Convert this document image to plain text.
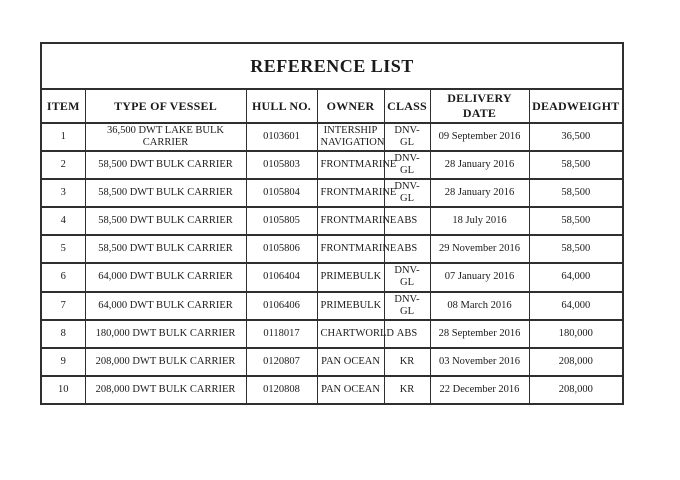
REFERENCE LIST						
ITEM	TYPE OF VESSEL	HULL NO.	OWNER	CLASS	DELIVERY DATE	DEADWEIGHT
1	36,500 DWT LAKE BULK CARRIER	0103601	INTERSHIP NAVIGATION	DNV-GL	09 September 2016	36,500
2	58,500 DWT BULK CARRIER	0105803	FRONTMARINE	DNV-GL	28 January 2016	58,500
3	58,500 DWT BULK CARRIER	0105804	FRONTMARINE	DNV-GL	28 January 2016	58,500
4	58,500 DWT BULK CARRIER	0105805	FRONTMARINE	ABS	18 July 2016	58,500
5	58,500 DWT BULK CARRIER	0105806	FRONTMARINE	ABS	29 November 2016	58,500
6	64,000 DWT BULK CARRIER	0106404	PRIMEBULK	DNV-GL	07 January 2016	64,000
7	64,000 DWT BULK CARRIER	0106406	PRIMEBULK	DNV-GL	08 March 2016	64,000
8	180,000 DWT BULK CARRIER	0118017	CHARTWORLD	ABS	28 September 2016	180,000
9	208,000 DWT BULK CARRIER	0120807	PAN OCEAN	KR	03 November 2016	208,000
10	208,000 DWT BULK CARRIER	0120808	PAN OCEAN	KR	22 December 2016	208,000
